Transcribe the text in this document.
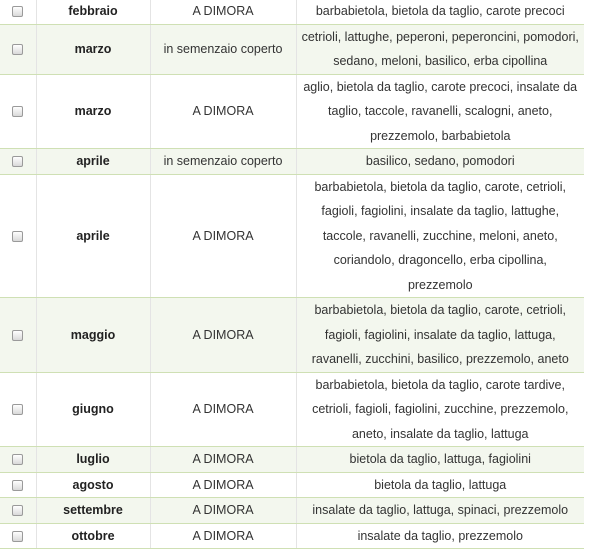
	febbraio	A DIMORA	barbabietola, bietola da taglio, carote precoci
	marzo	in semenzaio coperto	cetrioli, lattughe, peperoni, peperoncini, pomodori, sedano, meloni, basilico, erba cipollina
	marzo	A DIMORA	aglio, bietola da taglio, carote precoci, insalate da taglio, taccole, ravanelli, scalogni, aneto, prezzemolo, barbabietola
	aprile	in semenzaio coperto	basilico, sedano, pomodori
	aprile	A DIMORA	barbabietola, bietola da taglio, carote, cetrioli, fagioli, fagiolini, insalate da taglio, lattughe, taccole, ravanelli, zucchine, meloni, aneto, coriandolo, dragoncello, erba cipollina, prezzemolo
	maggio	A DIMORA	barbabietola, bietola da taglio, carote, cetrioli, fagioli, fagiolini, insalate da taglio, lattuga, ravanelli, zucchini, basilico, prezzemolo, aneto
	giugno	A DIMORA	barbabietola, bietola da taglio, carote tardive, cetrioli, fagioli, fagiolini, zucchine, prezzemolo, aneto, insalate da taglio, lattuga
	luglio	A DIMORA	bietola da taglio, lattuga, fagiolini
	agosto	A DIMORA	bietola da taglio, lattuga
	settembre	A DIMORA	insalate da taglio, lattuga, spinaci, prezzemolo
	ottobre	A DIMORA	insalate da taglio, prezzemolo
